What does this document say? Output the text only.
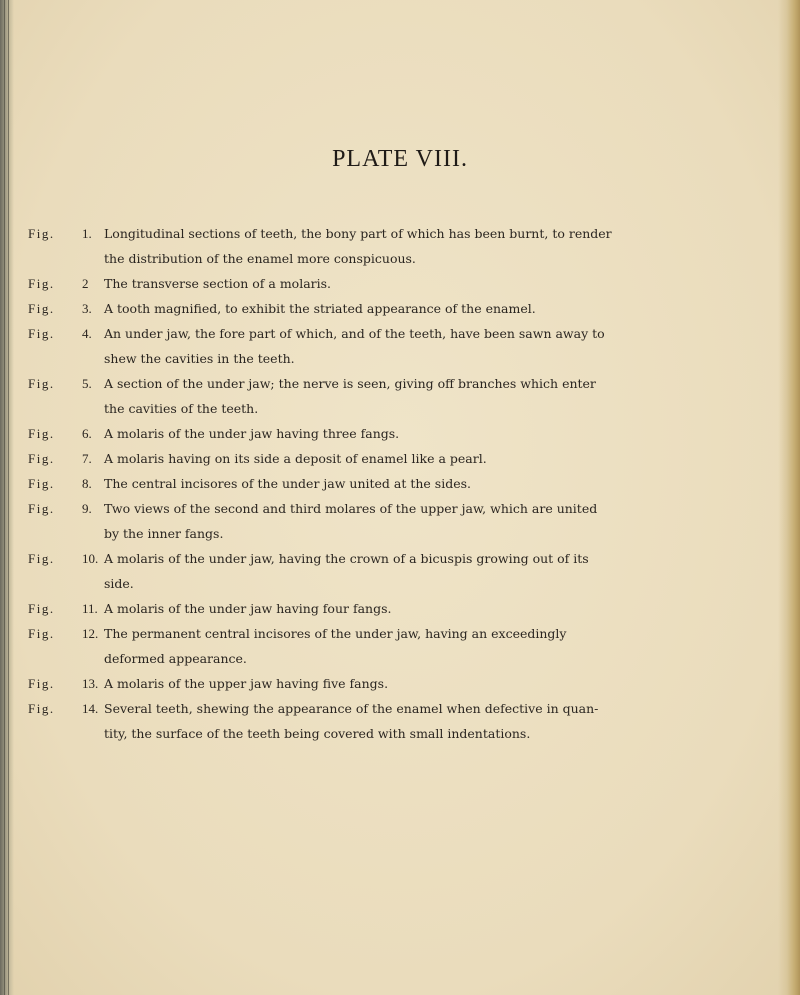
PLATE VIII.
Fig.	1. Longitudinal sections of teeth, the bony part of which has been burnt, to render
the distribution of the enamel more conspicuous.
Fig.	2	The transverse section of a molaris.
Fig.	3. A tooth magnified, to exhibit the striated appearance of the enamel.
Fig.	4. An under jaw, the fore part of which, and of the teeth, have been sawn away to
shew the cavities in the teeth.
Fig.	5. A section of the under jaw; the nerve is seen, giving off branches which enter
the cavities of the teeth.
Fig.	6. A molaris of the under jaw having three fangs.
Fig.	7. A molaris having on its side a deposit of enamel like a pearl.
Fig.	8. The central incisores of the under jaw united at the sides.
Fig.	9. Two views of the second and third molares of the upper jaw, which are united
by the inner fangs.
Fig.	10. A molaris of the under jaw, having the crown of a bicuspis growing out of its
side.
Fig.	11. A molaris of the under jaw having four fangs.
Fig.	12. The permanent central incisores of the under jaw, having an exceedingly
deformed appearance.
Fig.	13. A molaris of the upper jaw having five fangs.
Fig.	14. Several teeth, shewing the appearance of the enamel when defective in quan-
tity, the surface of the teeth being covered with small indentations.
